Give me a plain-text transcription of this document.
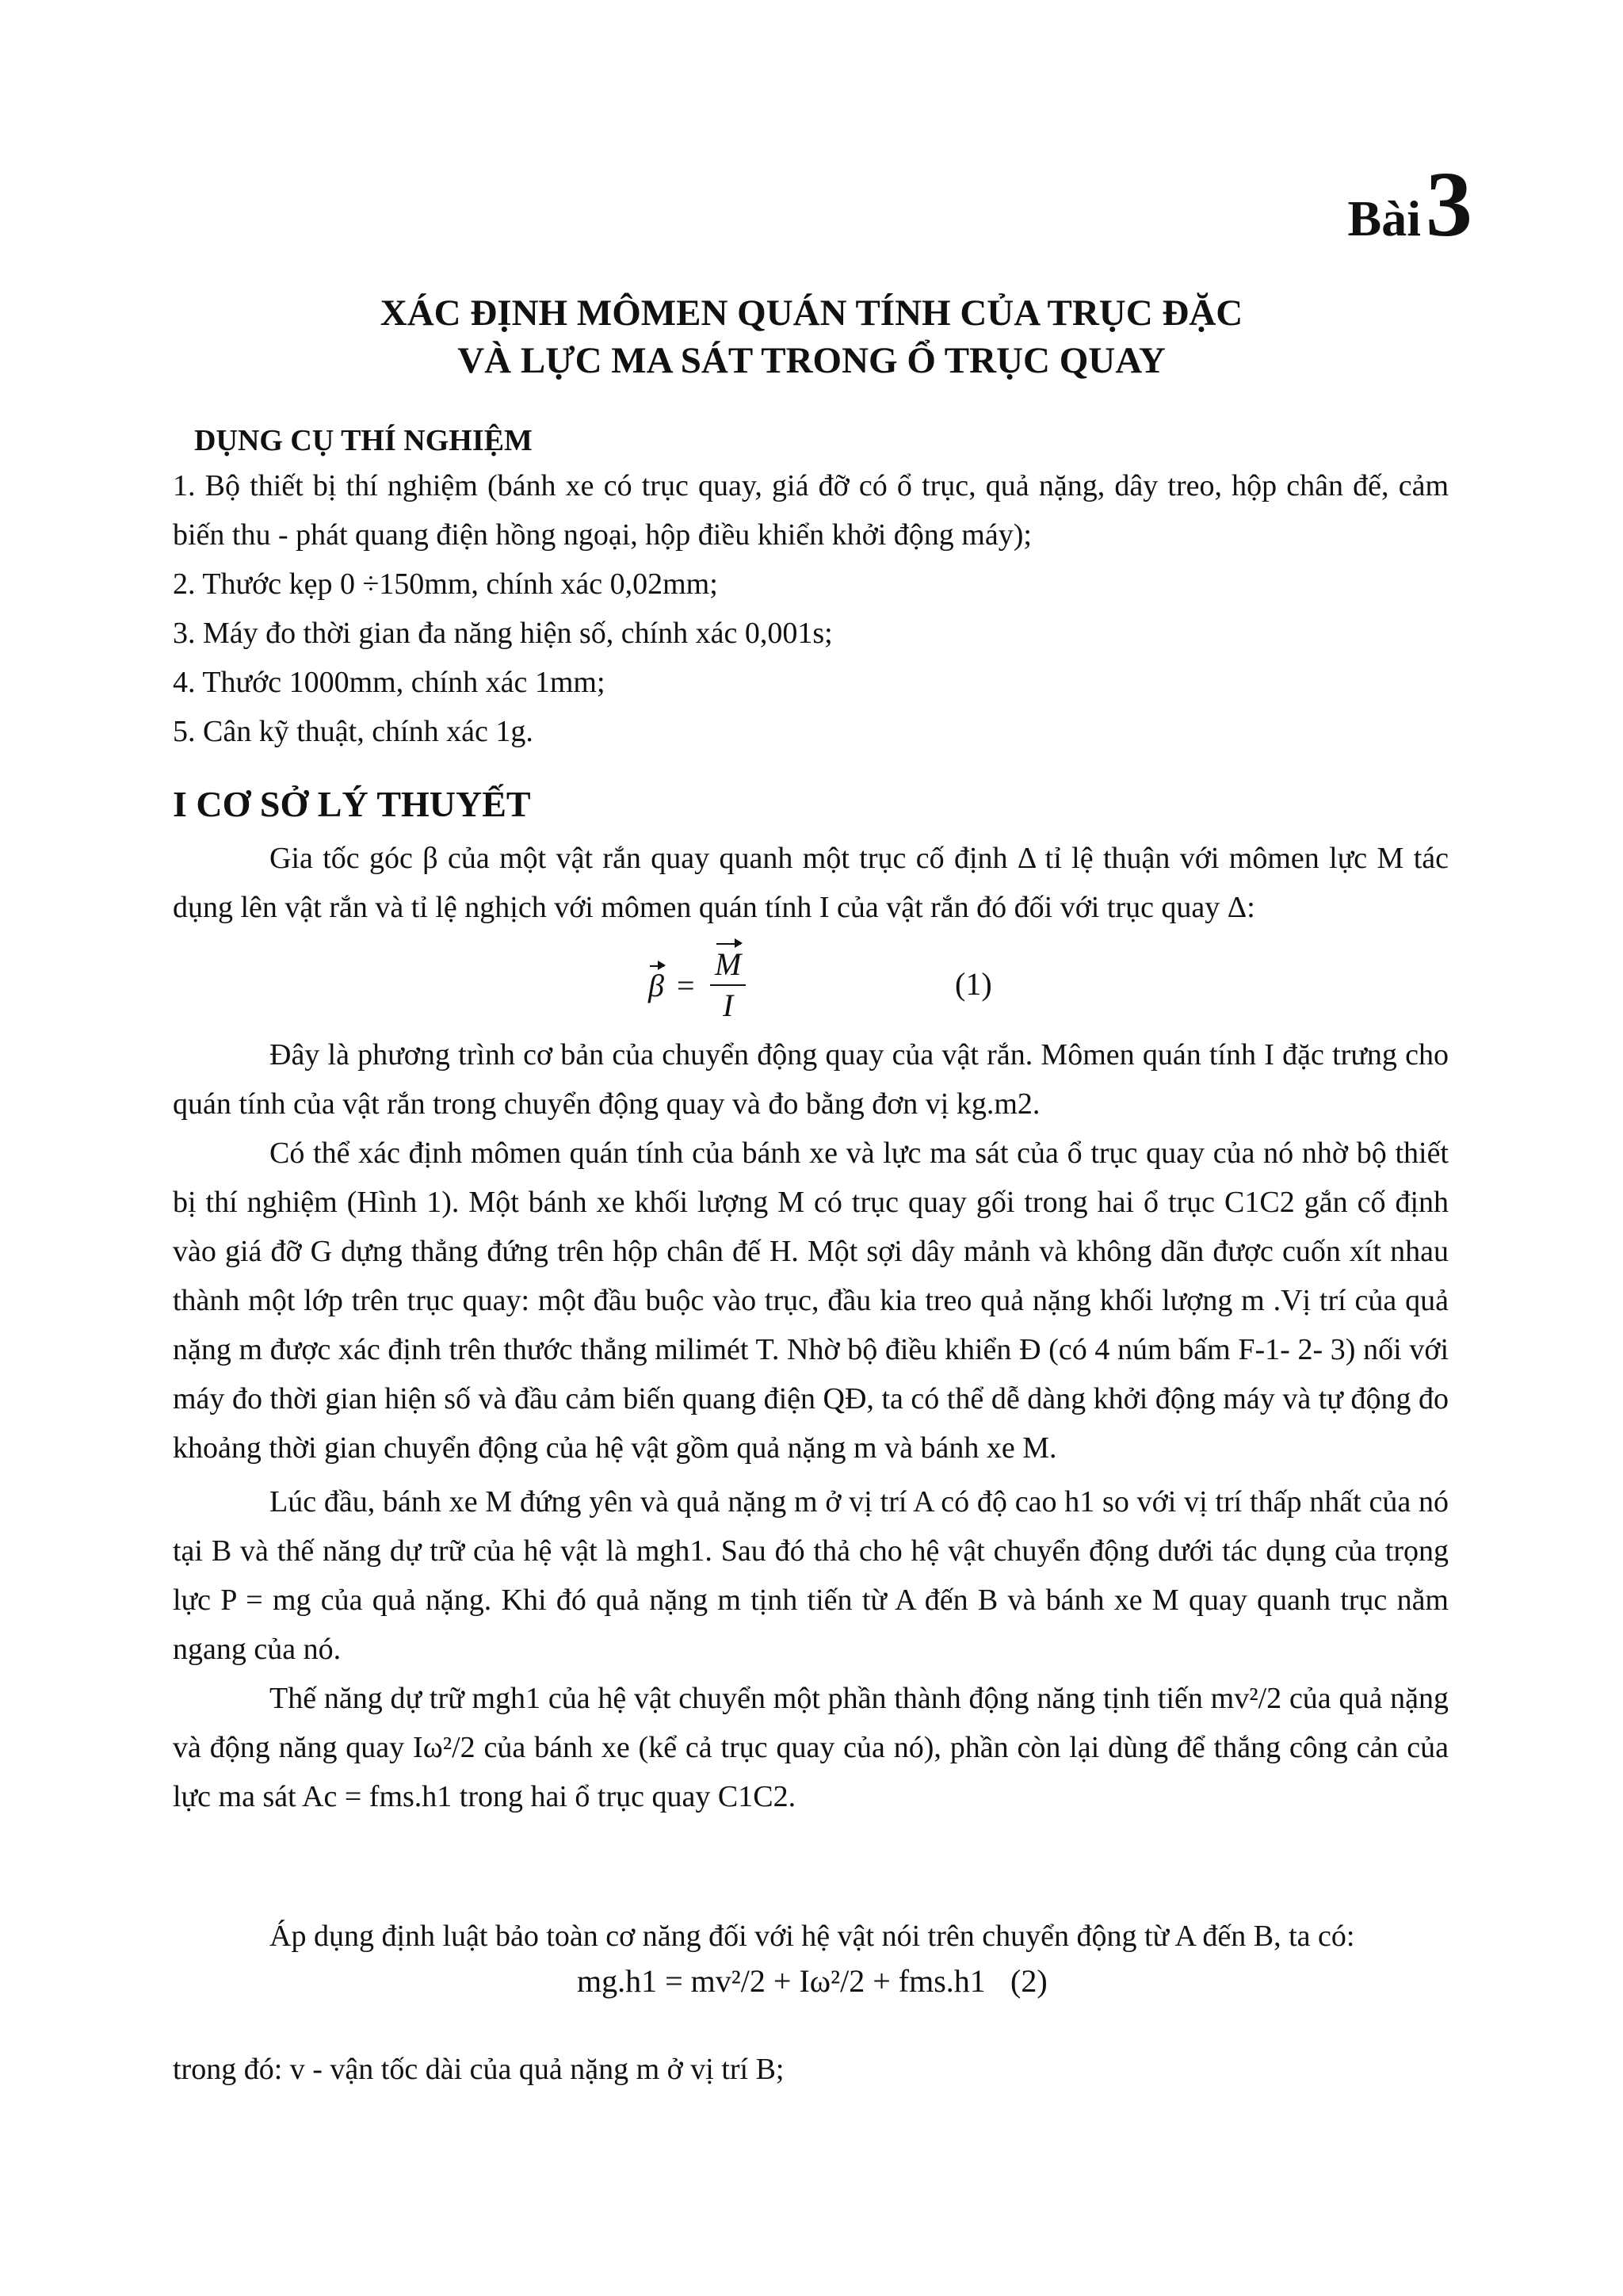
Bài3
XÁC ĐỊNH MÔMEN QUÁN TÍNH CỦA TRỤC ĐẶC
VÀ LỰC MA SÁT TRONG Ổ TRỤC QUAY
DỤNG CỤ THÍ NGHIỆM
1. Bộ thiết bị thí nghiệm (bánh xe có trục quay, giá đỡ có ổ trục, quả nặng, dây treo, hộp chân đế, cảm biến thu - phát quang điện hồng ngoại, hộp điều khiển khởi động máy);
2. Thước kẹp 0 ÷150mm, chính xác 0,02mm;
3. Máy đo thời gian đa năng hiện số, chính xác 0,001s;
4. Thước 1000mm, chính xác 1mm;
5. Cân kỹ thuật, chính xác 1g.
I CƠ SỞ LÝ THUYẾT
Gia tốc góc β của một vật rắn quay quanh một trục cố định Δ tỉ lệ thuận với mômen lực M tác dụng lên vật rắn và tỉ lệ nghịch với mômen quán tính I của vật rắn đó đối với trục quay Δ:
$\beta = \frac{M}{I}$	(1)
Đây là phương trình cơ bản của chuyển động quay của vật rắn. Mômen quán tính I đặc trưng cho quán tính của vật rắn trong chuyển động quay và đo bằng đơn vị kg.m2.
Có thể xác định mômen quán tính của bánh xe và lực ma sát của ổ trục quay của nó nhờ bộ thiết bị thí nghiệm (Hình 1). Một bánh xe khối lượng M có trục quay gối trong hai ổ trục C1C2 gắn cố định vào giá đỡ G dựng thẳng đứng trên hộp chân đế H. Một sợi dây mảnh và không dãn được cuốn xít nhau thành một lớp trên trục quay: một đầu buộc vào trục, đầu kia treo quả nặng khối lượng m .Vị trí của quả nặng m được xác định trên thước thẳng milimét T. Nhờ bộ điều khiển Đ (có 4 núm bấm F-1- 2- 3) nối với máy đo thời gian hiện số và đầu cảm biến quang điện QĐ, ta có thể dễ dàng khởi động máy và tự động đo khoảng thời gian chuyển động của hệ vật gồm quả nặng m và bánh xe M.
Lúc đầu, bánh xe M đứng yên và quả nặng m ở vị trí A có độ cao h1 so với vị trí thấp nhất của nó tại B và thế năng dự trữ của hệ vật là mgh1. Sau đó thả cho hệ vật chuyển động dưới tác dụng của trọng lực P = mg của quả nặng. Khi đó quả nặng m tịnh tiến từ A đến B và bánh xe M quay quanh trục nằm ngang của nó.
Thế năng dự trữ mgh1 của hệ vật chuyển một phần thành động năng tịnh tiến mv²/2 của quả nặng và động năng quay Iω²/2 của bánh xe (kể cả trục quay của nó), phần còn lại dùng để thắng công cản của lực ma sát Ac = fms.h1 trong hai ổ trục quay C1C2.
Áp dụng định luật bảo toàn cơ năng đối với hệ vật nói trên chuyển động từ A đến B, ta có:
mg.h1 = mv²/2 + Iω²/2 + fms.h1 (2)
trong đó: v - vận tốc dài của quả nặng m ở vị trí B;
